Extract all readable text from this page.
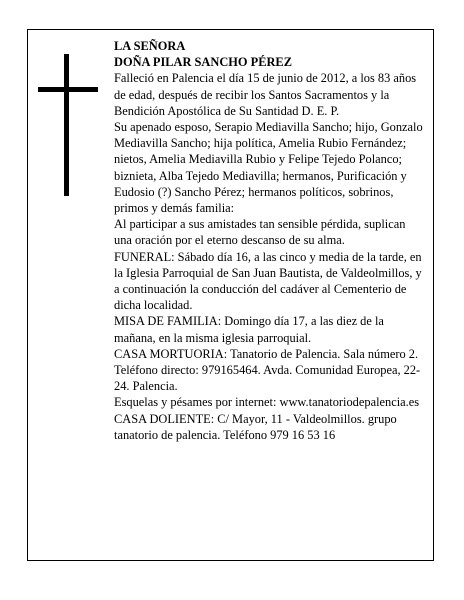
LA SEÑORA

DOÑA PILAR SANCHO PÉREZ

Falleció en Palencia el día 15 de junio de 2012, a los 83 años de edad, después de recibir los Santos Sacramentos y la Bendición Apostólica de Su Santidad D. E. P.

Su apenado esposo, Serapio Mediavilla Sancho; hijo, Gonzalo Mediavilla Sancho; hija política, Amelia Rubio Fernández; nietos, Amelia Mediavilla Rubio y Felipe Tejedo Polanco; biznieta, Alba Tejedo Mediavilla; hermanos, Purificación y Eudosio (?) Sancho Pérez; hermanos políticos, sobrinos, primos y demás familia:

Al participar a sus amistades tan sensible pérdida, suplican una oración por el eterno descanso de su alma.

FUNERAL: Sábado día 16, a las cinco y media de la tarde, en la Iglesia Parroquial de San Juan Bautista, de Valdeolmillos, y a continuación la conducción del cadáver al Cementerio de dicha localidad.

MISA DE FAMILIA: Domingo día 17, a las diez de la mañana, en la misma iglesia parroquial.

CASA MORTUORIA: Tanatorio de Palencia. Sala número 2. Teléfono directo: 979165464. Avda. Comunidad Europea, 22-24. Palencia.

Esquelas y pésames por internet: www.tanatoriodepalencia.es

CASA DOLIENTE: C/ Mayor, 11 - Valdeolmillos. grupo tanatorio de palencia. Teléfono 979 16 53 16
